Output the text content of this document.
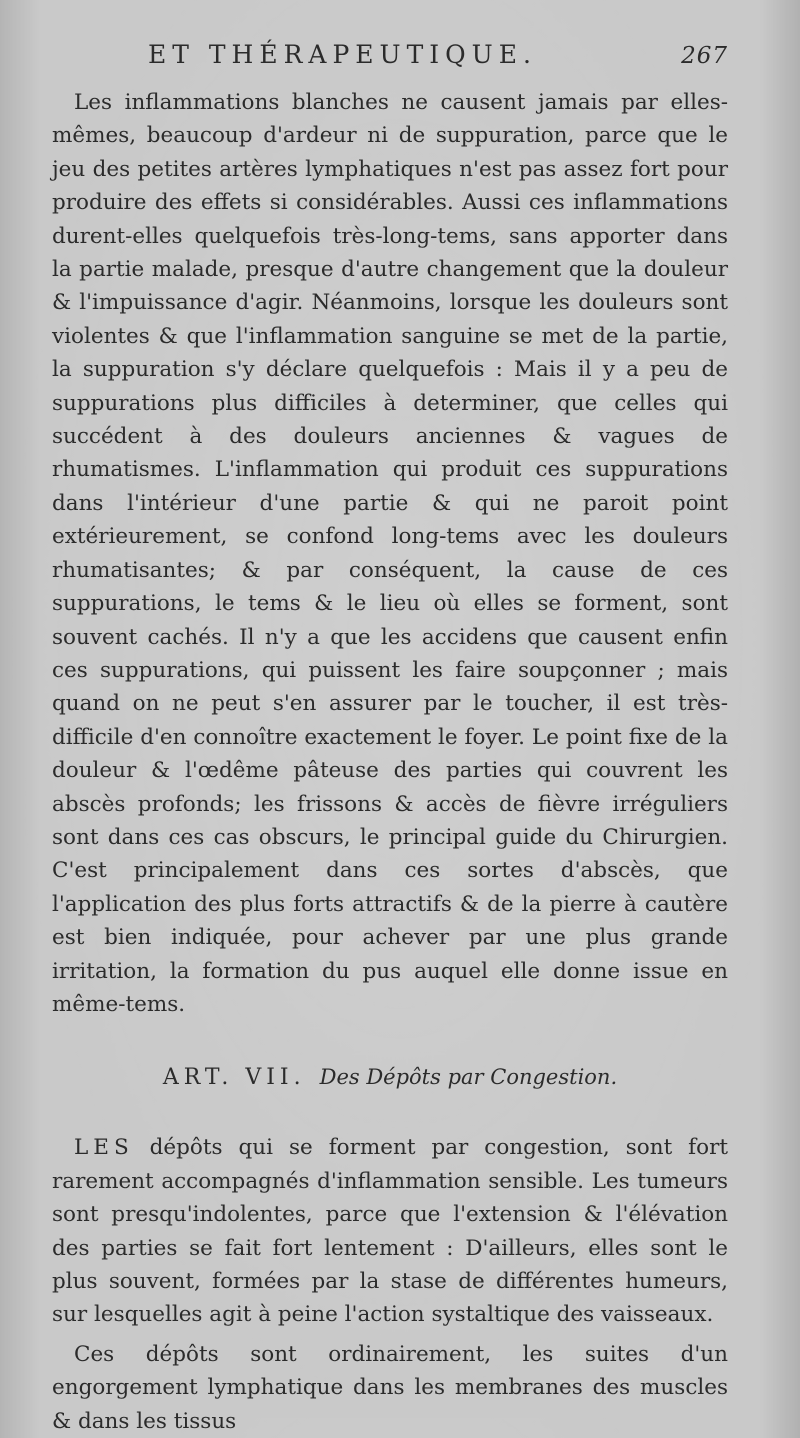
ET THÉRAPEUTIQUE.	267

Les inflammations blanches ne causent jamais par elles-mêmes, beaucoup d'ardeur ni de suppuration, parce que le jeu des petites artères lymphatiques n'est pas assez fort pour produire des effets si considérables. Aussi ces inflammations durent-elles quelquefois très-long-tems, sans apporter dans la partie malade, presque d'autre changement que la douleur & l'impuissance d'agir. Néanmoins, lorsque les douleurs sont violentes & que l'inflammation sanguine se met de la partie, la suppuration s'y déclare quelquefois : Mais il y a peu de suppurations plus difficiles à determiner, que celles qui succédent à des douleurs anciennes & vagues de rhumatismes. L'inflammation qui produit ces suppurations dans l'intérieur d'une partie & qui ne paroit point extérieurement, se confond long-tems avec les douleurs rhumatisantes; & par conséquent, la cause de ces suppurations, le tems & le lieu où elles se forment, sont souvent cachés. Il n'y a que les accidens que causent enfin ces suppurations, qui puissent les faire soupçonner ; mais quand on ne peut s'en assurer par le toucher, il est très-difficile d'en connoître exactement le foyer. Le point fixe de la douleur & l'œdême pâteuse des parties qui couvrent les abscès profonds; les frissons & accès de fièvre irréguliers sont dans ces cas obscurs, le principal guide du Chirurgien. C'est principalement dans ces sortes d'abscès, que l'application des plus forts attractifs & de la pierre à cautère est bien indiquée, pour achever par une plus grande irritation, la formation du pus auquel elle donne issue en même-tems.

ART. VII. Des Dépôts par Congestion.

LES dépôts qui se forment par congestion, sont fort rarement accompagnés d'inflammation sensible. Les tumeurs sont presqu'indolentes, parce que l'extension & l'élévation des parties se fait fort lentement : D'ailleurs, elles sont le plus souvent, formées par la stase de différentes humeurs, sur lesquelles agit à peine l'action systaltique des vaisseaux.

Ces dépôts sont ordinairement, les suites d'un engorgement lymphatique dans les membranes des muscles & dans les tissus
